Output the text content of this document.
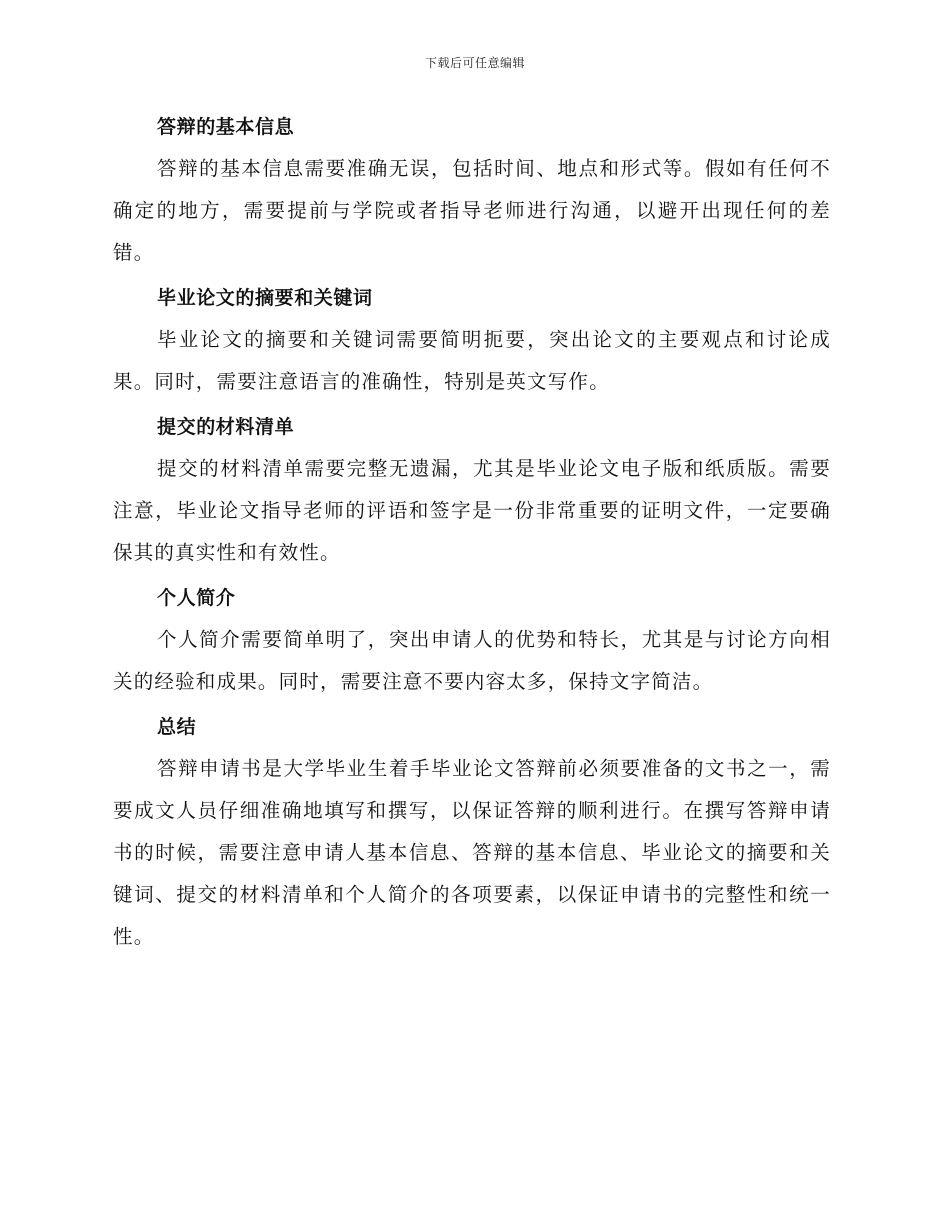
下载后可任意编辑
答辩的基本信息

答辩的基本信息需要准确无误，包括时间、地点和形式等。假如有任何不确定的地方，需要提前与学院或者指导老师进行沟通，以避开出现任何的差错。

毕业论文的摘要和关键词

毕业论文的摘要和关键词需要简明扼要，突出论文的主要观点和讨论成果。同时，需要注意语言的准确性，特别是英文写作。

提交的材料清单

提交的材料清单需要完整无遗漏，尤其是毕业论文电子版和纸质版。需要注意，毕业论文指导老师的评语和签字是一份非常重要的证明文件，一定要确保其的真实性和有效性。

个人简介

个人简介需要简单明了，突出申请人的优势和特长，尤其是与讨论方向相关的经验和成果。同时，需要注意不要内容太多，保持文字简洁。

总结

答辩申请书是大学毕业生着手毕业论文答辩前必须要准备的文书之一，需要成文人员仔细准确地填写和撰写，以保证答辩的顺利进行。在撰写答辩申请书的时候，需要注意申请人基本信息、答辩的基本信息、毕业论文的摘要和关键词、提交的材料清单和个人简介的各项要素，以保证申请书的完整性和统一性。
